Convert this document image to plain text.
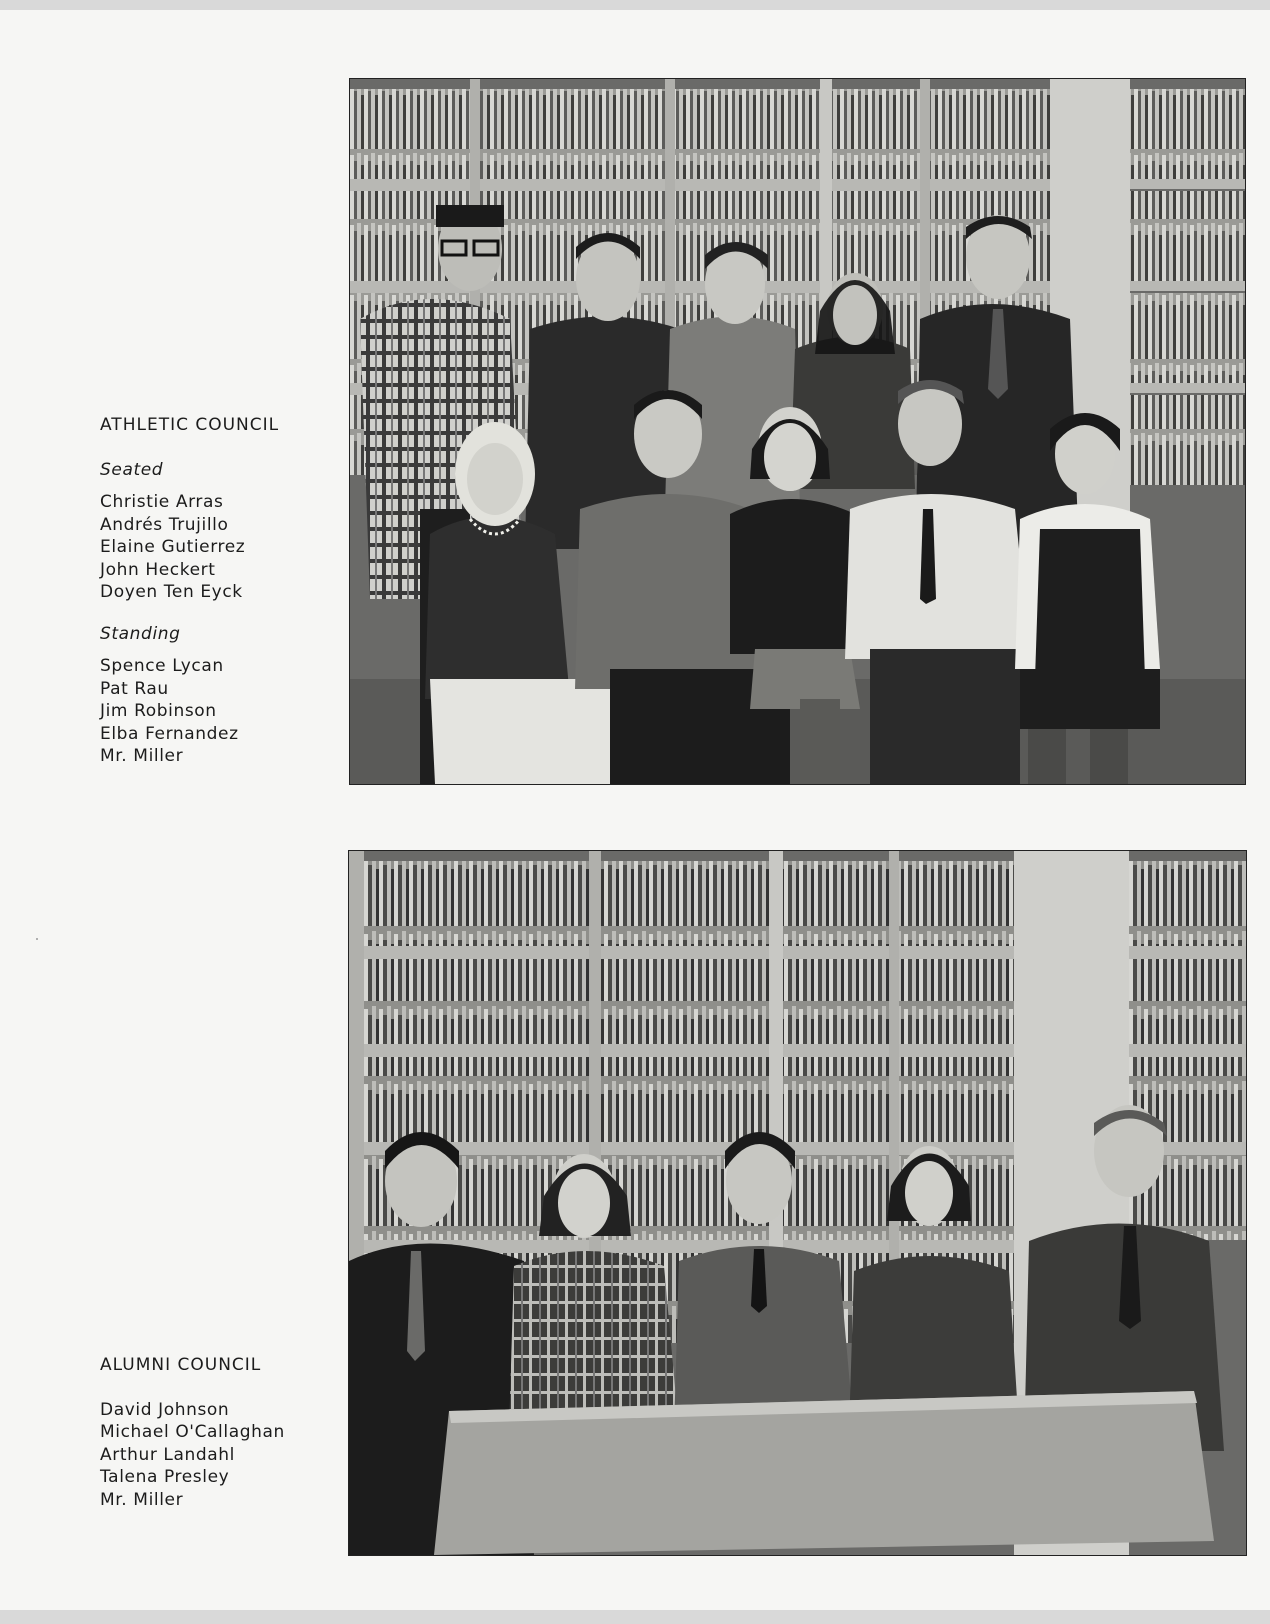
ATHLETIC COUNCIL
Seated
Christie Arras
Andrés Trujillo
Elaine Gutierrez
John Heckert
Doyen Ten Eyck
Standing
Spence Lycan
Pat Rau
Jim Robinson
Elba Fernandez
Mr. Miller
ALUMNI COUNCIL
David Johnson
Michael O'Callaghan
Arthur Landahl
Talena Presley
Mr. Miller
